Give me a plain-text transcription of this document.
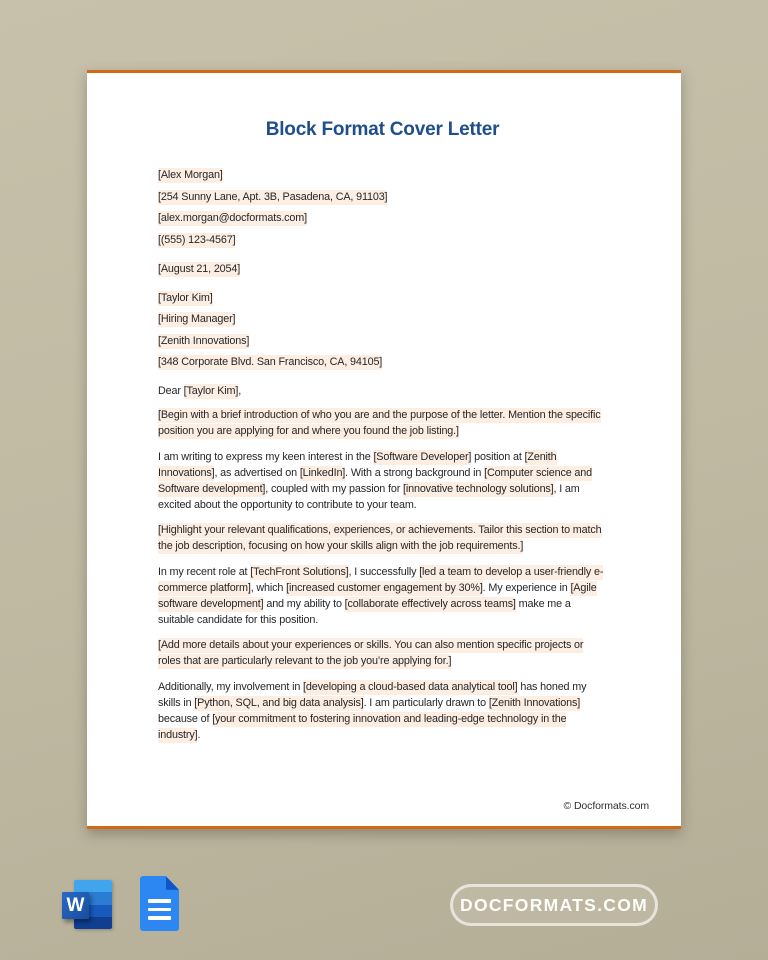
Block Format Cover Letter

[Alex Morgan]

[254 Sunny Lane, Apt. 3B, Pasadena, CA, 91103]

[alex.morgan@docformats.com]

[(555) 123-4567]

[August 21, 2054]

[Taylor Kim]

[Hiring Manager]

[Zenith Innovations]

[348 Corporate Blvd. San Francisco, CA, 94105]

Dear [Taylor Kim],

[Begin with a brief introduction of who you are and the purpose of the letter. Mention the specific position you are applying for and where you found the job listing.]

I am writing to express my keen interest in the [Software Developer] position at [Zenith Innovations], as advertised on [LinkedIn]. With a strong background in [Computer science and Software development], coupled with my passion for [innovative technology solutions], I am excited about the opportunity to contribute to your team.

[Highlight your relevant qualifications, experiences, or achievements. Tailor this section to match the job description, focusing on how your skills align with the job requirements.]

In my recent role at [TechFront Solutions], I successfully [led a team to develop a user-friendly e-commerce platform], which [increased customer engagement by 30%]. My experience in [Agile software development] and my ability to [collaborate effectively across teams] make me a suitable candidate for this position.

[Add more details about your experiences or skills. You can also mention specific projects or roles that are particularly relevant to the job you’re applying for.]

Additionally, my involvement in [developing a cloud-based data analytical tool] has honed my skills in [Python, SQL, and big data analysis]. I am particularly drawn to [Zenith Innovations] because of [your commitment to fostering innovation and leading-edge technology in the industry].

© Docformats.com
W	DOCFORMATS.COM
